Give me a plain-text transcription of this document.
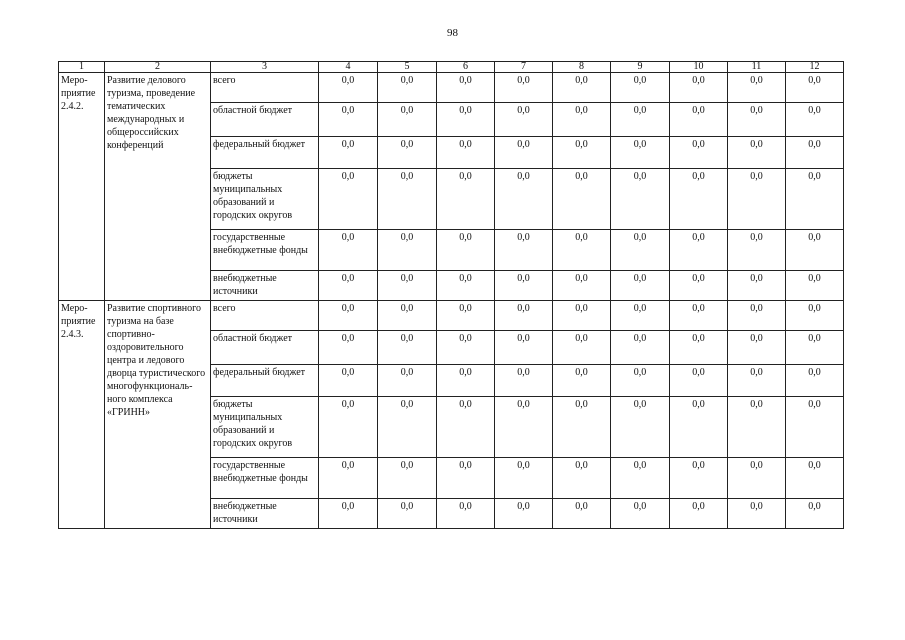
98
1	2	3	4	5	6	7	8	9	10	11	12
Меро-приятие 2.4.2.	Развитие делового туризма, проведение тематических международных и общероссийских конференций	всего	0,0	0,0	0,0	0,0	0,0	0,0	0,0	0,0	0,0
		областной бюджет	0,0	0,0	0,0	0,0	0,0	0,0	0,0	0,0	0,0
		федеральный бюджет	0,0	0,0	0,0	0,0	0,0	0,0	0,0	0,0	0,0
		бюджеты муниципальных образований и городских округов	0,0	0,0	0,0	0,0	0,0	0,0	0,0	0,0	0,0
		государственные внебюджетные фонды	0,0	0,0	0,0	0,0	0,0	0,0	0,0	0,0	0,0
		внебюджетные источники	0,0	0,0	0,0	0,0	0,0	0,0	0,0	0,0	0,0
Меро-приятие 2.4.3.	Развитие спортивного туризма на базе спортивно-оздоровительного центра и ледового дворца туристического многофункциональ-ного комплекса «ГРИНН»	всего	0,0	0,0	0,0	0,0	0,0	0,0	0,0	0,0	0,0
		областной бюджет	0,0	0,0	0,0	0,0	0,0	0,0	0,0	0,0	0,0
		федеральный бюджет	0,0	0,0	0,0	0,0	0,0	0,0	0,0	0,0	0,0
		бюджеты муниципальных образований и городских округов	0,0	0,0	0,0	0,0	0,0	0,0	0,0	0,0	0,0
		государственные внебюджетные фонды	0,0	0,0	0,0	0,0	0,0	0,0	0,0	0,0	0,0
		внебюджетные источники	0,0	0,0	0,0	0,0	0,0	0,0	0,0	0,0	0,0
